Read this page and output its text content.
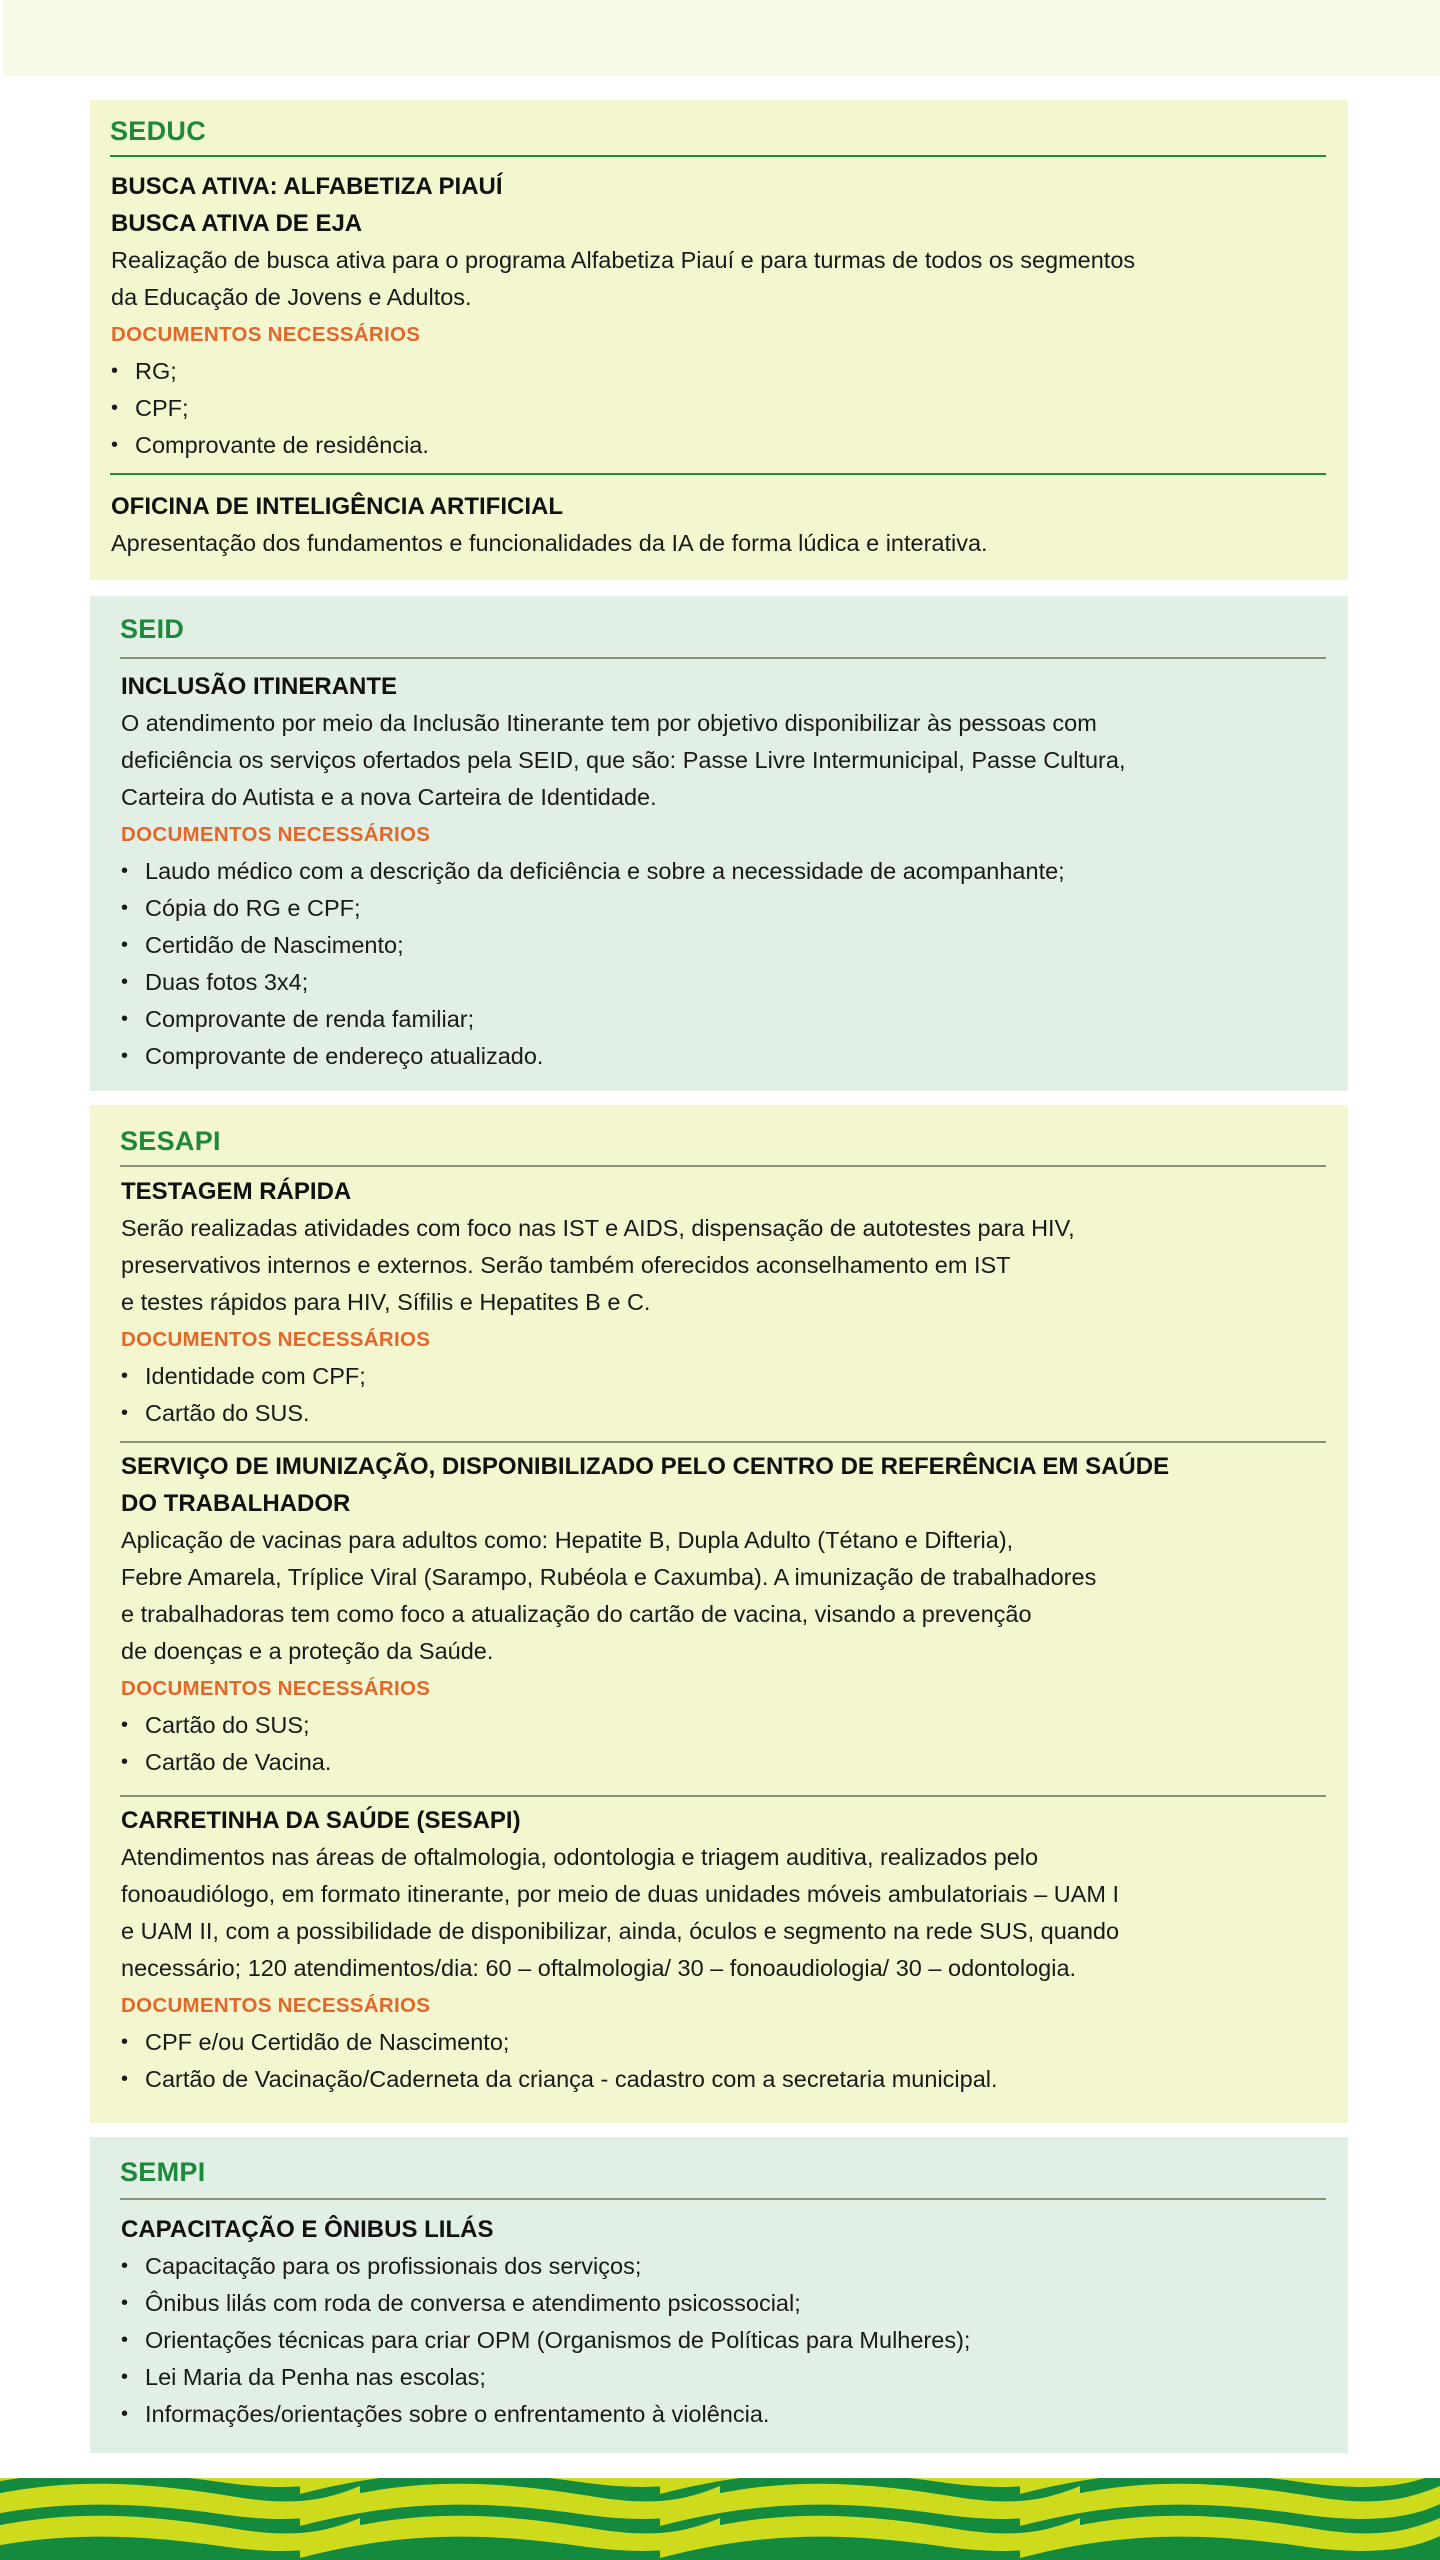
SEDUC

BUSCA ATIVA: ALFABETIZA PIAUÍ

BUSCA ATIVA DE EJA

Realização de busca ativa para o programa Alfabetiza Piauí e para turmas de todos os segmentos

da Educação de Jovens e Adultos.

DOCUMENTOS NECESSÁRIOS

• RG;
• CPF;
• Comprovante de residência.

OFICINA DE INTELIGÊNCIA ARTIFICIAL

Apresentação dos fundamentos e funcionalidades da IA de forma lúdica e interativa.

SEID

INCLUSÃO ITINERANTE

O atendimento por meio da Inclusão Itinerante tem por objetivo disponibilizar às pessoas com

deficiência os serviços ofertados pela SEID, que são: Passe Livre Intermunicipal, Passe Cultura,

Carteira do Autista e a nova Carteira de Identidade.

DOCUMENTOS NECESSÁRIOS

• Laudo médico com a descrição da deficiência e sobre a necessidade de acompanhante;
• Cópia do RG e CPF;
• Certidão de Nascimento;
• Duas fotos 3x4;
• Comprovante de renda familiar;
• Comprovante de endereço atualizado.
SESAPI

TESTAGEM RÁPIDA

Serão realizadas atividades com foco nas IST e AIDS, dispensação de autotestes para HIV,

preservativos internos e externos. Serão também oferecidos aconselhamento em IST

e testes rápidos para HIV, Sífilis e Hepatites B e C.

DOCUMENTOS NECESSÁRIOS

• Identidade com CPF;
• Cartão do SUS.

SERVIÇO DE IMUNIZAÇÃO, DISPONIBILIZADO PELO CENTRO DE REFERÊNCIA EM SAÚDE

DO TRABALHADOR

Aplicação de vacinas para adultos como: Hepatite B, Dupla Adulto (Tétano e Difteria),

Febre Amarela, Tríplice Viral (Sarampo, Rubéola e Caxumba). A imunização de trabalhadores

e trabalhadoras tem como foco a atualização do cartão de vacina, visando a prevenção

de doenças e a proteção da Saúde.

DOCUMENTOS NECESSÁRIOS

• Cartão do SUS;
• Cartão de Vacina.

CARRETINHA DA SAÚDE (SESAPI)

Atendimentos nas áreas de oftalmologia, odontologia e triagem auditiva, realizados pelo

fonoaudiólogo, em formato itinerante, por meio de duas unidades móveis ambulatoriais – UAM I

e UAM II, com a possibilidade de disponibilizar, ainda, óculos e segmento na rede SUS, quando

necessário; 120 atendimentos/dia: 60 – oftalmologia/ 30 – fonoaudiologia/ 30 – odontologia.

DOCUMENTOS NECESSÁRIOS

• CPF e/ou Certidão de Nascimento;
• Cartão de Vacinação/Caderneta da criança - cadastro com a secretaria municipal.
SEMPI

CAPACITAÇÃO E ÔNIBUS LILÁS

• Capacitação para os profissionais dos serviços;
• Ônibus lilás com roda de conversa e atendimento psicossocial;
• Orientações técnicas para criar OPM (Organismos de Políticas para Mulheres);
• Lei Maria da Penha nas escolas;
• Informações/orientações sobre o enfrentamento à violência.
